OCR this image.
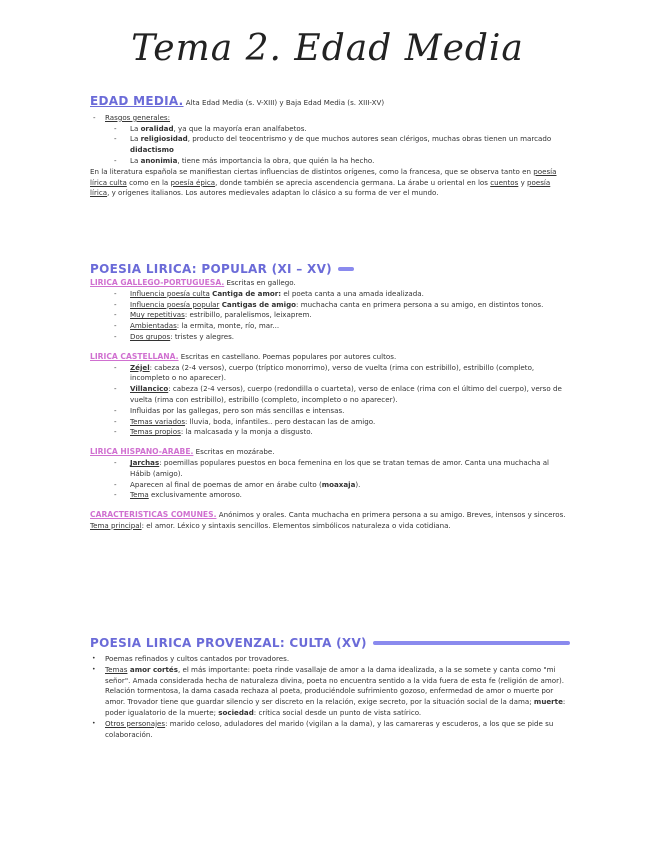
Tema 2. Edad Media

EDAD MEDIA. Alta Edad Media (s. V-XIII) y Baja Edad Media (s. XIII-XV)

- Rasgos generales:
- La oralidad, ya que la mayoría eran analfabetos.
- La religiosidad, producto del teocentrismo y de que muchos autores sean clérigos, muchas obras tienen un marcado didactismo
- La anonimia, tiene más importancia la obra, que quién la ha hecho.

En la literatura española se manifiestan ciertas influencias de distintos orígenes, como la francesa, que se observa tanto en poesía lírica culta como en la poesía épica, donde también se aprecia ascendencia germana. La árabe u oriental en los cuentos y poesía lírica, y orígenes italianos. Los autores medievales adaptan lo clásico a su forma de ver el mundo.

POESIA LIRICA: POPULAR (XI – XV)

LIRICA GALLEGO-PORTUGUESA. Escritas en gallego.

- Influencia poesía culta Cantiga de amor: el poeta canta a una amada idealizada.
- Influencia poesía popular Cantigas de amigo: muchacha canta en primera persona a su amigo, en distintos tonos.
- Muy repetitivas: estribillo, paralelismos, leixaprem.
- Ambientadas: la ermita, monte, río, mar...
- Dos grupos: tristes y alegres.

LIRICA CASTELLANA. Escritas en castellano. Poemas populares por autores cultos.

- Zéjel: cabeza (2-4 versos), cuerpo (tríptico monorrimo), verso de vuelta (rima con estribillo), estribillo (completo, incompleto o no aparecer).
- Villancico: cabeza (2-4 versos), cuerpo (redondilla o cuarteta), verso de enlace (rima con el último del cuerpo), verso de vuelta (rima con estribillo), estribillo (completo, incompleto o no aparecer).
- Influidas por las gallegas, pero son más sencillas e intensas.
- Temas variados: lluvia, boda, infantiles.. pero destacan las de amigo.
- Temas propios: la malcasada y la monja a disgusto.

LIRICA HISPANO-ARABE. Escritas en mozárabe.

- Jarchas: poemillas populares puestos en boca femenina en los que se tratan temas de amor. Canta una muchacha al Hábib (amigo).
- Aparecen al final de poemas de amor en árabe culto (moaxaja).
- Tema exclusivamente amoroso.

CARACTERISTICAS COMUNES. Anónimos y orales. Canta muchacha en primera persona a su amigo. Breves, intensos y sinceros. Tema principal: el amor. Léxico y sintaxis sencillos. Elementos simbólicos naturaleza o vida cotidiana.

POESIA LIRICA PROVENZAL: CULTA (XV)
• Poemas refinados y cultos cantados por trovadores.
• Temas amor cortés, el más importante: poeta rinde vasallaje de amor a la dama idealizada, a la se somete y canta como "mi señor". Amada considerada hecha de naturaleza divina, poeta no encuentra sentido a la vida fuera de esta fe (religión de amor). Relación tormentosa, la dama casada rechaza al poeta, produciéndole sufrimiento gozoso, enfermedad de amor o muerte por amor. Trovador tiene que guardar silencio y ser discreto en la relación, exige secreto, por la situación social de la dama; muerte: poder igualatorio de la muerte; sociedad: crítica social desde un punto de vista satírico.
• Otros personajes: marido celoso, aduladores del marido (vigilan a la dama), y las camareras y escuderos, a los que se pide su colaboración.
